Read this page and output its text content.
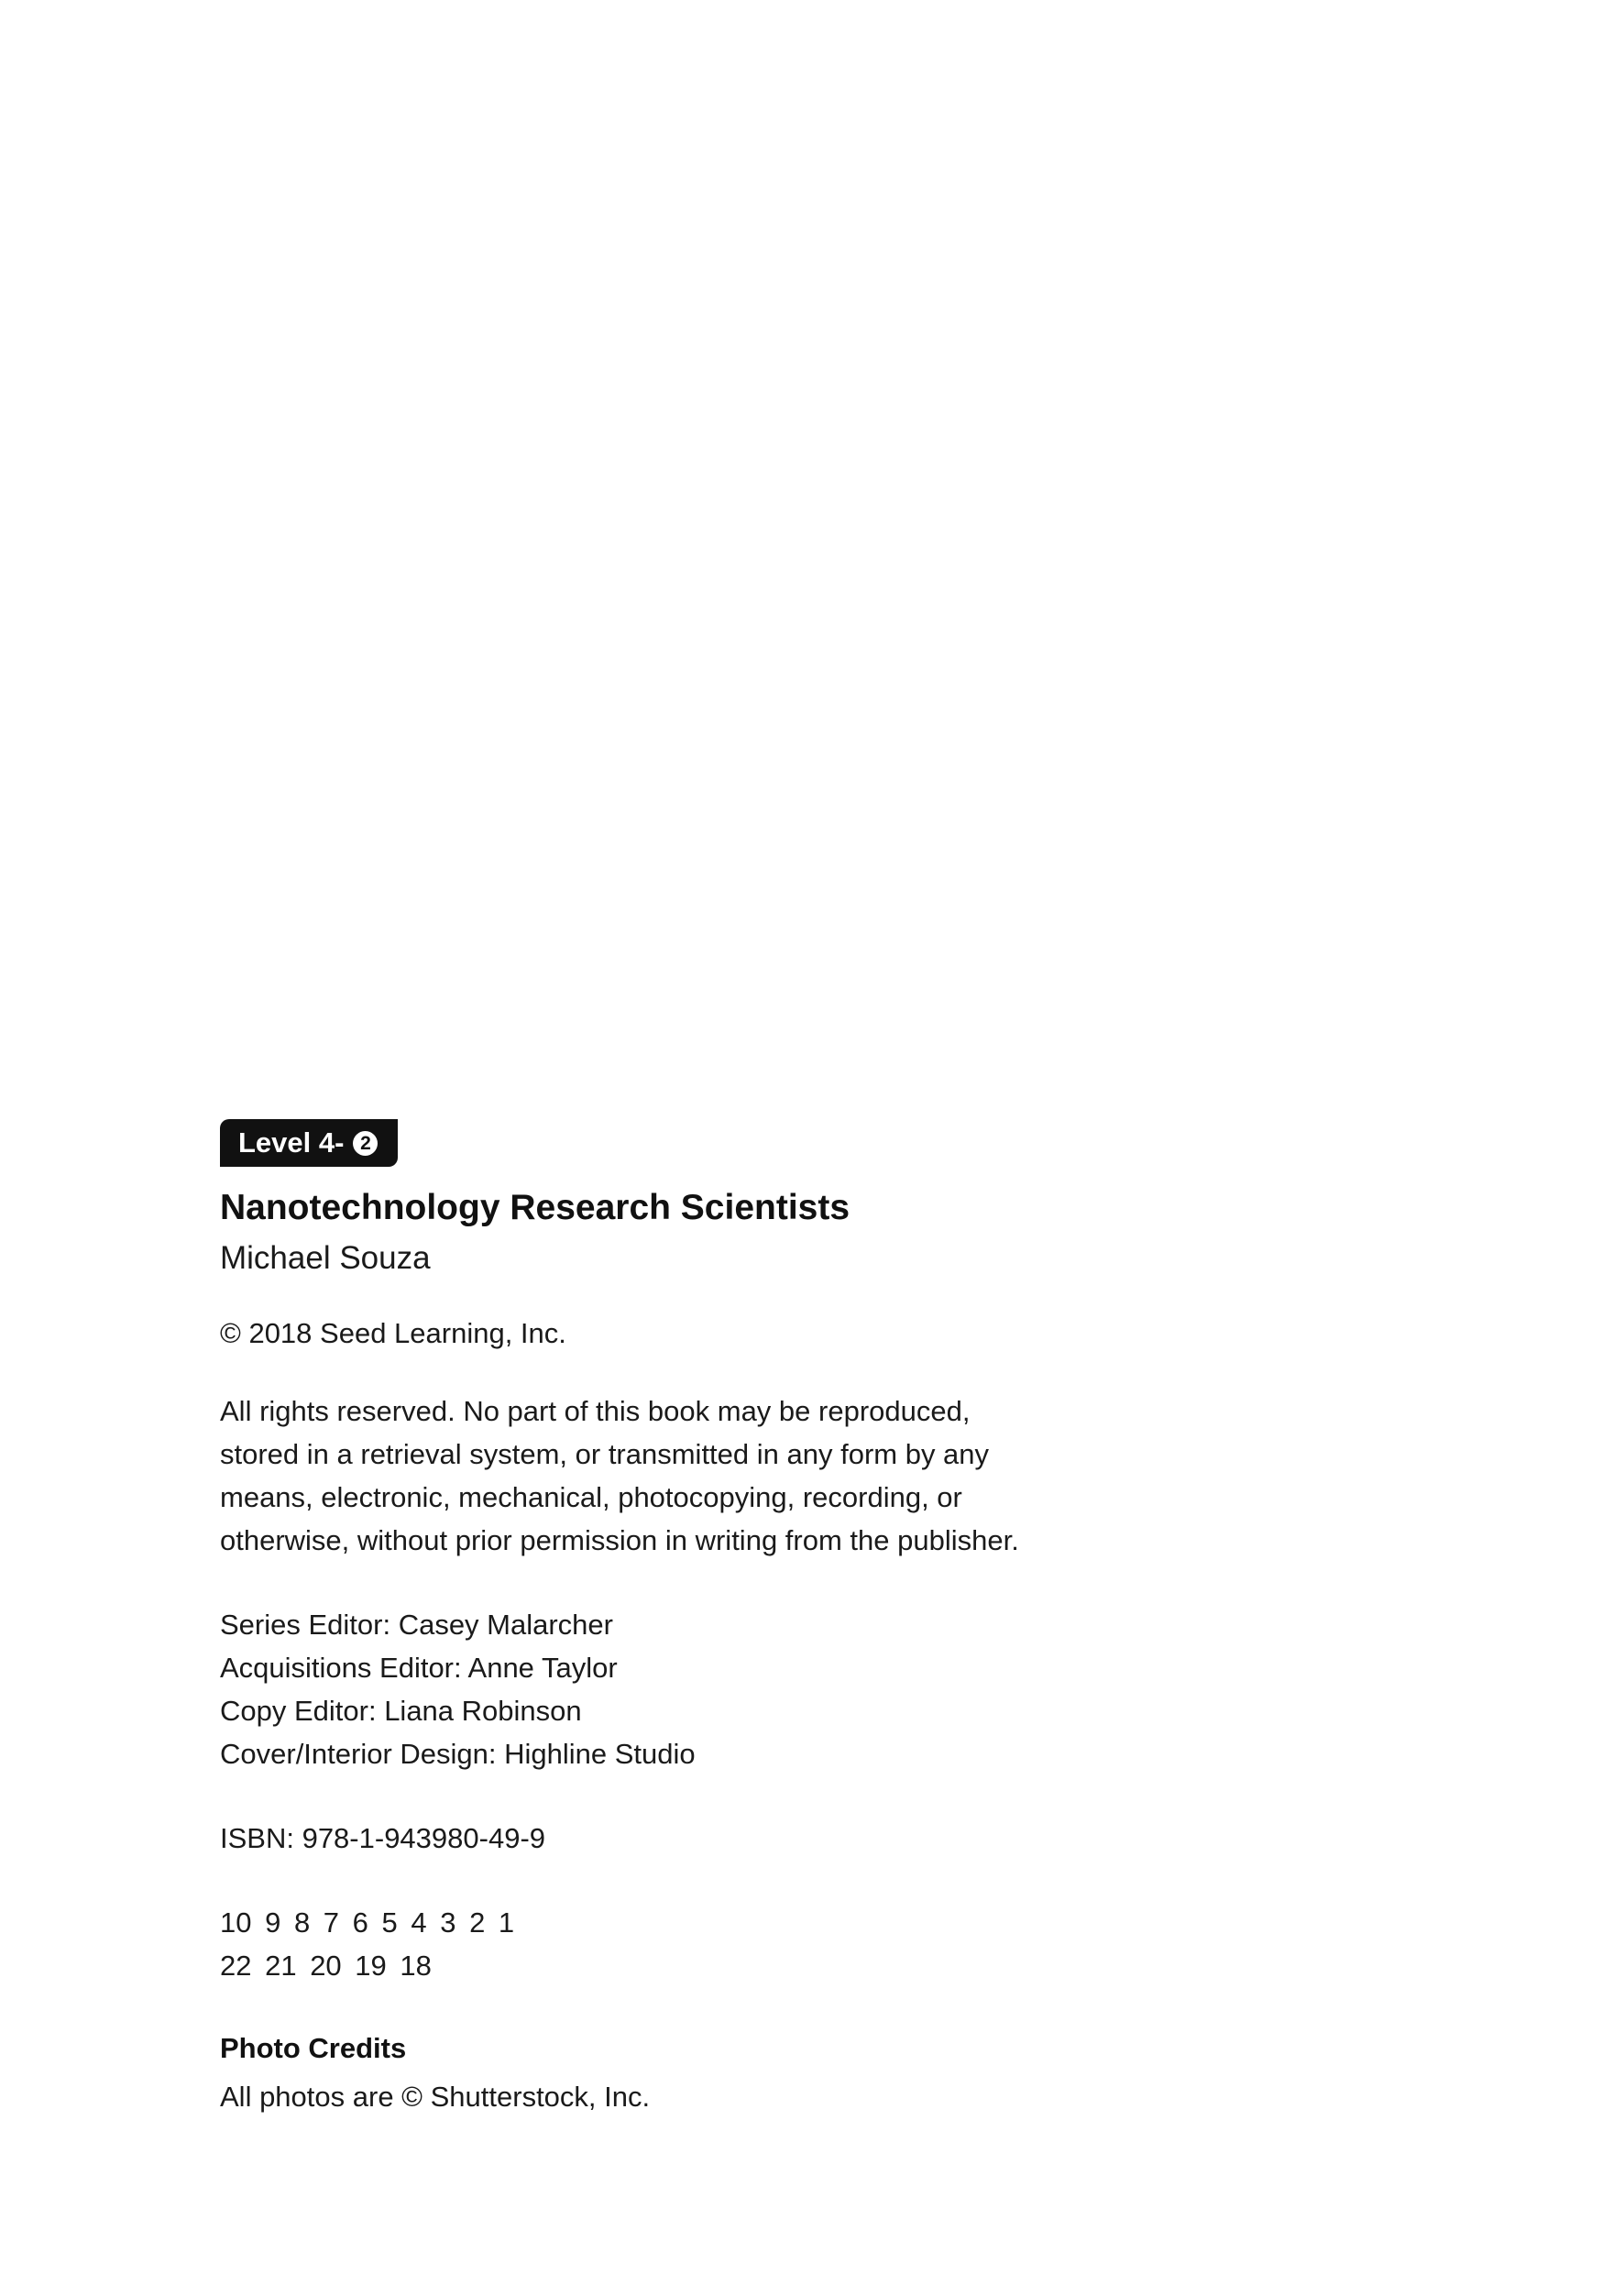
Level 4- 2
Nanotechnology Research Scientists
Michael Souza
© 2018 Seed Learning, Inc.
All rights reserved. No part of this book may be reproduced,
stored in a retrieval system, or transmitted in any form by any
means, electronic, mechanical, photocopying, recording, or
otherwise, without prior permission in writing from the publisher.
Series Editor: Casey Malarcher
Acquisitions Editor: Anne Taylor
Copy Editor: Liana Robinson
Cover/Interior Design: Highline Studio
ISBN: 978-1-943980-49-9
10 9 8 7 6 5 4 3 2 1
22 21 20 19 18
Photo Credits
All photos are © Shutterstock, Inc.
